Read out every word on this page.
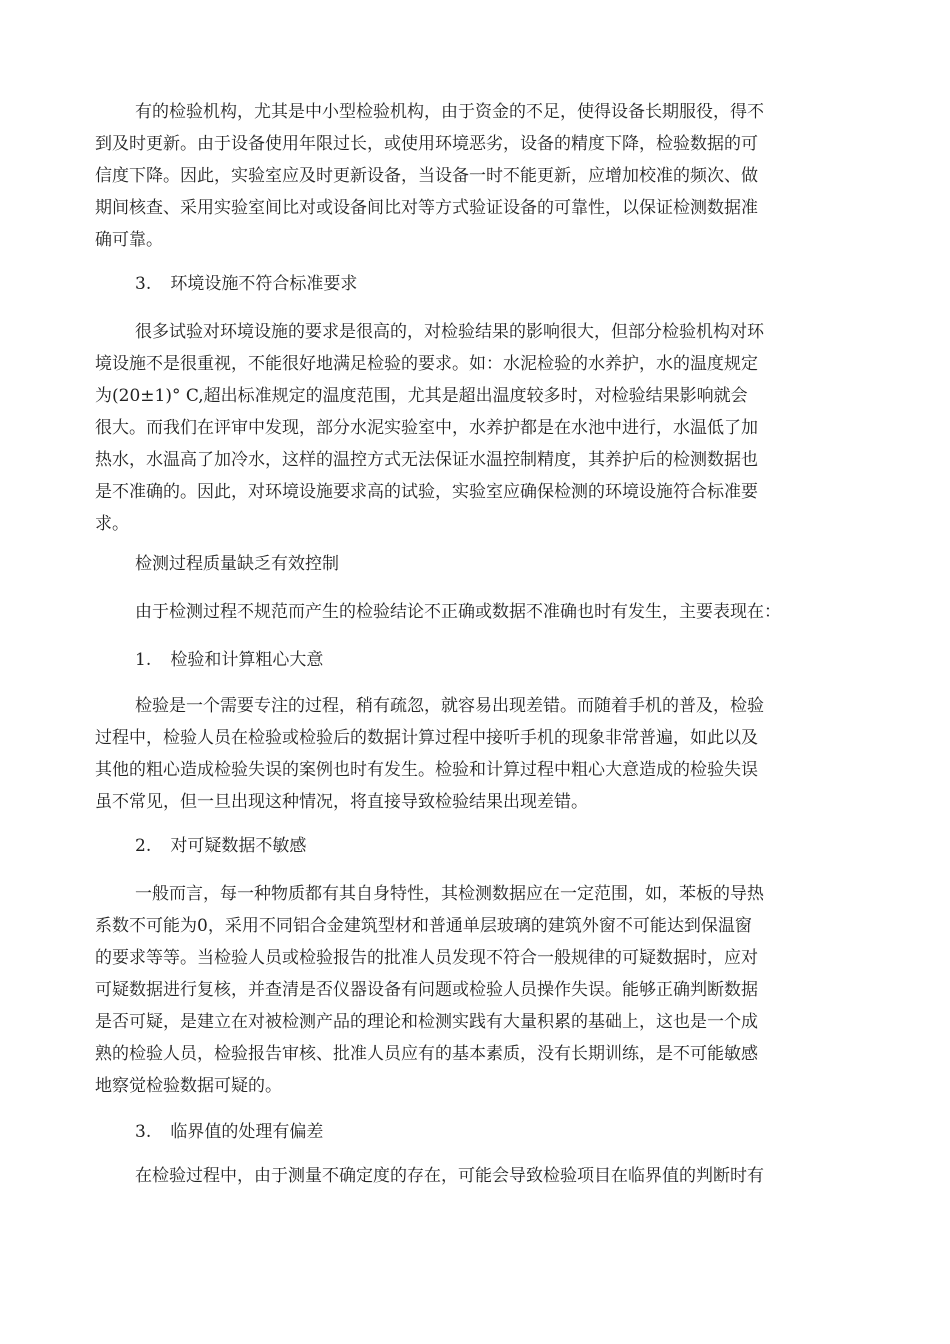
有的检验机构，尤其是中小型检验机构，由于资金的不足，使得设备长期服役，得不
到及时更新。由于设备使用年限过长，或使用环境恶劣，设备的精度下降，检验数据的可
信度下降。因此，实验室应及时更新设备，当设备一时不能更新，应增加校准的频次、做
期间核查、采用实验室间比对或设备间比对等方式验证设备的可靠性，以保证检测数据准
确可靠。
3. 环境设施不符合标准要求
很多试验对环境设施的要求是很高的，对检验结果的影响很大，但部分检验机构对环
境设施不是很重视，不能很好地满足检验的要求。如：水泥检验的水养护，水的温度规定
为(20±1)° C,超出标准规定的温度范围，尤其是超出温度较多时，对检验结果影响就会
很大。而我们在评审中发现，部分水泥实验室中，水养护都是在水池中进行，水温低了加
热水，水温高了加冷水，这样的温控方式无法保证水温控制精度，其养护后的检测数据也
是不准确的。因此，对环境设施要求高的试验，实验室应确保检测的环境设施符合标准要
求。
检测过程质量缺乏有效控制
由于检测过程不规范而产生的检验结论不正确或数据不准确也时有发生，主要表现在：
1. 检验和计算粗心大意
检验是一个需要专注的过程，稍有疏忽，就容易出现差错。而随着手机的普及，检验
过程中，检验人员在检验或检验后的数据计算过程中接听手机的现象非常普遍，如此以及
其他的粗心造成检验失误的案例也时有发生。检验和计算过程中粗心大意造成的检验失误
虽不常见，但一旦出现这种情况，将直接导致检验结果出现差错。
2. 对可疑数据不敏感
一般而言，每一种物质都有其自身特性，其检测数据应在一定范围，如，苯板的导热
系数不可能为0，采用不同铝合金建筑型材和普通单层玻璃的建筑外窗不可能达到保温窗
的要求等等。当检验人员或检验报告的批准人员发现不符合一般规律的可疑数据时，应对
可疑数据进行复核，并查清是否仪器设备有问题或检验人员操作失误。能够正确判断数据
是否可疑，是建立在对被检测产品的理论和检测实践有大量积累的基础上，这也是一个成
熟的检验人员，检验报告审核、批准人员应有的基本素质，没有长期训练，是不可能敏感
地察觉检验数据可疑的。
3. 临界值的处理有偏差
在检验过程中，由于测量不确定度的存在，可能会导致检验项目在临界值的判断时有
